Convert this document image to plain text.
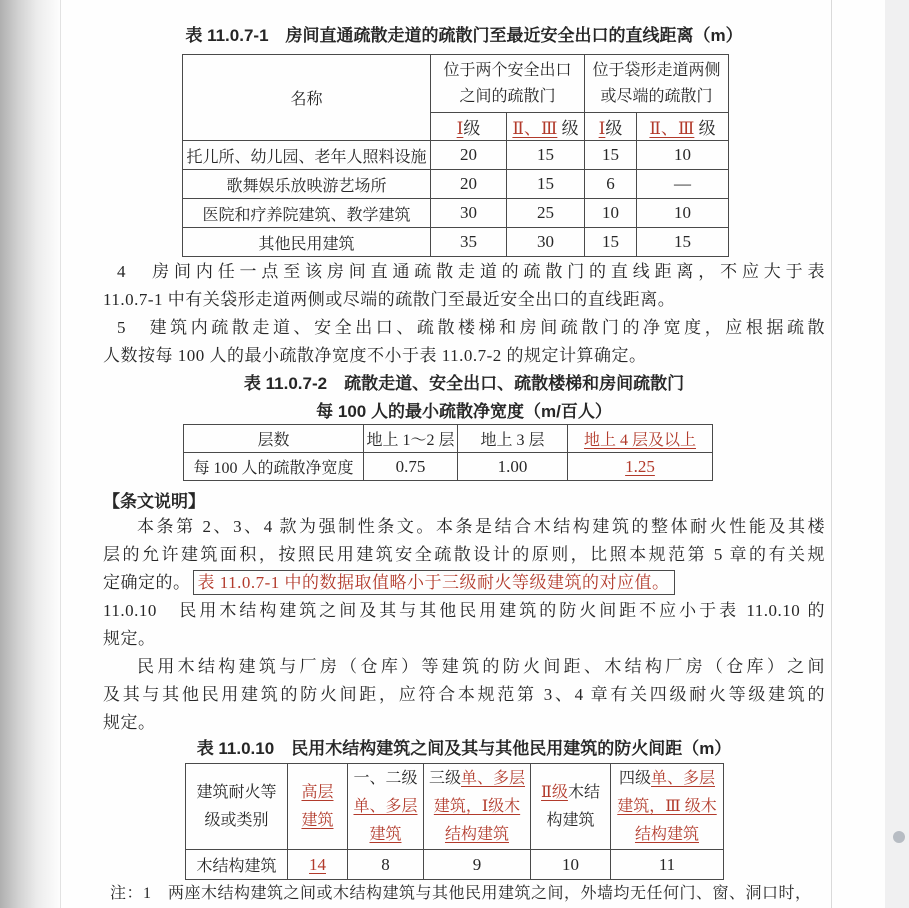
表 11.0.7-1　房间直通疏散走道的疏散门至最近安全出口的直线距离（m）
名称	
位于两个安全出口
之间的疏散门

位于袋形走道两侧
或尽端的疏散门

	Ⅰ级	Ⅱ、Ⅲ 级	Ⅰ级	Ⅱ、Ⅲ 级
托儿所、幼儿园、老年人照料设施	20	15	15	10
歌舞娱乐放映游艺场所	20	15	6	—
医院和疗养院建筑、教学建筑	30	25	10	10
其他民用建筑	35	30	15	15
4　房间内任一点至该房间直通疏散走道的疏散门的直线距离，不应大于表
11.0.7-1 中有关袋形走道两侧或尽端的疏散门至最近安全出口的直线距离。
5　建筑内疏散走道、安全出口、疏散楼梯和房间疏散门的净宽度，应根据疏散
人数按每 100 人的最小疏散净宽度不小于表 11.0.7-2 的规定计算确定。
表 11.0.7-2　疏散走道、安全出口、疏散楼梯和房间疏散门
每 100 人的最小疏散净宽度（m/百人）
层数	地上 1～2 层	地上 3 层	地上 4 层及以上
每 100 人的疏散净宽度	0.75	1.00	1.25
【条文说明】
本条第 2、3、4 款为强制性条文。本条是结合木结构建筑的整体耐火性能及其楼
层的允许建筑面积，按照民用建筑安全疏散设计的原则，比照本规范第 5 章的有关规
定确定的。 表 11.0.7-1 中的数据取值略小于三级耐火等级建筑的对应值。
11.0.10　民用木结构建筑之间及其与其他民用建筑的防火间距不应小于表 11.0.10 的
规定。
民用木结构建筑与厂房（仓库）等建筑的防火间距、木结构厂房（仓库）之间
及其与其他民用建筑的防火间距，应符合本规范第 3、4 章有关四级耐火等级建筑的
规定。
表 11.0.10　民用木结构建筑之间及其与其他民用建筑的防火间距（m）
建筑耐火等级或类别	高层建筑	一、二级单、多层建筑	三级单、多层建筑，Ⅰ级木结构建筑	Ⅱ级木结构建筑	四级单、多层建筑，Ⅲ 级木结构建筑
木结构建筑	14	8	9	10	11
注：1　两座木结构建筑之间或木结构建筑与其他民用建筑之间，外墙均无任何门、窗、洞口时，
